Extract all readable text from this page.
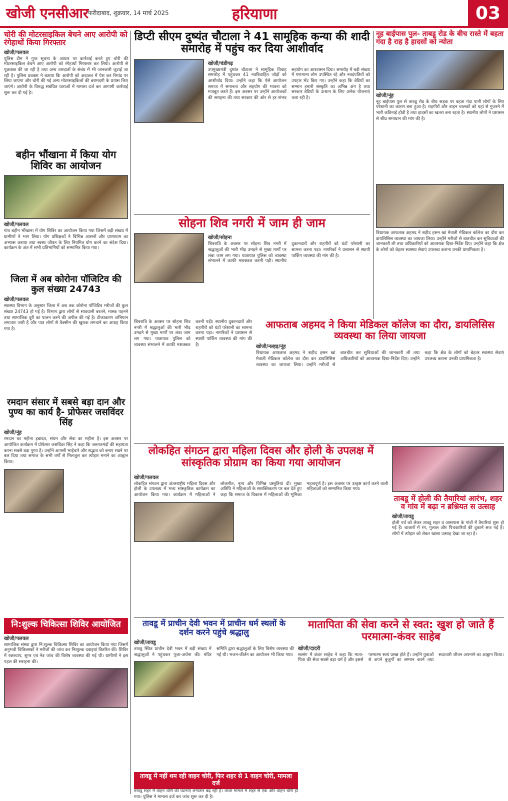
खोजी एनसीआर फरीदाबाद, शुक्रवार, 14 मार्च 2025	हरियाणा	03
चोरी की मोटरसाइकिल बेचने आए आरोपी को रंगेहाथों किया गिरफ्तार
खोजी/पलवल
पुलिस टीम ने गुप्त सूचना के आधार पर कार्रवाई करते हुए चोरी की मोटरसाइकिल बेचने आए आरोपी को रंगेहाथों गिरफ्तार कर लिया। आरोपी से पूछताछ की जा रही है तथा अन्य वारदातों के संबंध में भी जानकारी जुटाई जा रही है। पुलिस प्रवक्ता ने बताया कि आरोपी को अदालत में पेश कर रिमांड पर लिया जाएगा और चोरी की गई अन्य मोटरसाइकिलों की बरामदगी के प्रयास किए जाएंगे। आरोपी के विरुद्ध संबंधित धाराओं में मामला दर्ज कर आगामी कार्रवाई शुरू कर दी गई है।
बहीन भौंखाना में किया योग शिविर का आयोजन
खोजी/पलवल
गांव बहीन भौंखाना में योग शिविर का आयोजन किया गया जिसमें बड़ी संख्या में ग्रामीणों ने भाग लिया। योग प्रशिक्षकों ने विभिन्न आसनों और प्राणायाम का अभ्यास कराया तथा स्वस्थ जीवन के लिए नियमित योग करने का संदेश दिया। कार्यक्रम के अंत में सभी प्रतिभागियों को सम्मानित किया गया।
जिला में अब कोरोना पॉजिटिव की कुल संख्या 24743
खोजी/पलवल
स्वास्थ्य विभाग के अनुसार जिला में अब तक कोरोना पॉजिटिव मरीजों की कुल संख्या 24743 हो गई है। विभाग द्वारा लोगों से सावधानी बरतने, मास्क पहनने तथा सामाजिक दूरी का पालन करने की अपील की गई है। टीकाकरण अभियान लगातार जारी है और पात्र लोगों से वैक्सीन की खुराक लगवाने का आग्रह किया गया है।
रमदान संसार में सबसे बड़ा दान और पुण्य का कार्य है- प्रोफेसर जसविंदर सिंह
खोजी/नूंह
रमदान का महीना इबादत, संयम और सेवा का महीना है। इस अवसर पर आयोजित कार्यक्रम में प्रोफेसर जसविंदर सिंह ने कहा कि जरूरतमंदों की सहायता करना सबसे बड़ा पुण्य है। उन्होंने आपसी भाईचारे और सद्भाव को बनाए रखने पर बल दिया तथा समाज के सभी वर्गों से मिलजुल कर त्योहार मनाने का आह्वान किया।
नि:शुल्क चिकित्सा शिविर आयोजित
खोजी/पलवल
सामाजिक संस्था द्वारा नि:शुल्क चिकित्सा शिविर का आयोजन किया गया जिसमें अनुभवी चिकित्सकों ने मरीजों की जांच कर निःशुल्क दवाइयां वितरित कीं। शिविर में रक्तचाप, शुगर एवं नेत्र जांच की विशेष व्यवस्था की गई थी। ग्रामीणों ने इस पहल की सराहना की।
डिप्टी सीएम दुष्यंत चौटाला ने 41 सामूहिक कन्या की शादी समारोह में पहुंच कर दिया आशीर्वाद
खोजी/चंडीगढ़
उपमुख्यमंत्री दुष्यंत चौटाला ने सामूहिक विवाह समारोह में पहुंचकर 41 नवविवाहित जोड़ों को आशीर्वाद दिया। उन्होंने कहा कि ऐसे आयोजन समाज में समानता और सहयोग की भावना को मजबूत करते हैं। इस अवसर पर उन्होंने आयोजकों की सराहना की तथा सरकार की ओर से हर संभव सहयोग का आश्वासन दिया। समारोह में बड़ी संख्या में गणमान्य लोग उपस्थित रहे और नवदंपतियों को उपहार भेंट किए गए। उन्होंने कहा कि बेटियों का सम्मान हमारी संस्कृति का अभिन्न अंग है तथा सरकार बेटियों के उत्थान के लिए अनेक योजनाएं चला रही है।
सोहना शिव नगरी में जाम ही जाम
खोजी/सोहना
शिवरात्रि के अवसर पर सोहना शिव नगरी में श्रद्धालुओं की भारी भीड़ उमड़ने से मुख्य मार्गों पर लंबा जाम लग गया। यातायात पुलिस को व्यवस्था संभालने में काफी मशक्कत करनी पड़ी। स्थानीय दुकानदारों और राहगीरों को घंटों परेशानी का सामना करना पड़ा। नागरिकों ने प्रशासन से स्थायी पार्किंग व्यवस्था की मांग की है।
नूह बाईपास पुल- ताबडू रोड के बीच रास्ते में बहता गंदा है राह है हादसों को न्योता
खोजी/नूंह
नूह बाईपास पुल से तावडू रोड के बीच सड़क पर बहता गंदा पानी लोगों के लिए परेशानी का कारण बना हुआ है। राहगीरों और वाहन चालकों को यहां से गुजरने में भारी कठिनाई होती है तथा हादसों का खतरा बना रहता है। स्थानीय लोगों ने प्रशासन से शीघ्र समाधान की मांग की है।
विधायक आफताब अहमद ने शहीद हसन खां मेवाती मेडिकल कॉलेज का दौरा कर डायलिसिस व्यवस्था का जायजा लिया। उन्होंने मरीजों से बातचीत कर सुविधाओं की जानकारी ली तथा अधिकारियों को आवश्यक दिशा-निर्देश दिए। उन्होंने कहा कि क्षेत्र के लोगों को बेहतर स्वास्थ्य सेवाएं उपलब्ध कराना उनकी प्राथमिकता है।
आफताब अहमद ने किया मेडिकल कॉलेज का दौरा, डायलिसिस व्यवस्था का लिया जायजा
खोजी/नल्हड़/नूंह
विधायक आफताब अहमद ने शहीद हसन खां मेवाती मेडिकल कॉलेज का दौरा कर डायलिसिस व्यवस्था का जायजा लिया। उन्होंने मरीजों से बातचीत कर सुविधाओं की जानकारी ली तथा अधिकारियों को आवश्यक दिशा-निर्देश दिए। उन्होंने कहा कि क्षेत्र के लोगों को बेहतर स्वास्थ्य सेवाएं उपलब्ध कराना उनकी प्राथमिकता है।
शिवरात्रि के अवसर पर सोहना शिव नगरी में श्रद्धालुओं की भारी भीड़ उमड़ने से मुख्य मार्गों पर लंबा जाम लग गया। यातायात पुलिस को व्यवस्था संभालने में काफी मशक्कत करनी पड़ी। स्थानीय दुकानदारों और राहगीरों को घंटों परेशानी का सामना करना पड़ा। नागरिकों ने प्रशासन से स्थायी पार्किंग व्यवस्था की मांग की है।
ताबडू में होली की तैयारियां आरंभ, शहर व गांव में बढ़ा न ब्रश्नियत स उत्साह
खोजी/तावडू
होली पर्व को लेकर तावडू शहर व आसपास के गांवों में तैयारियां शुरू हो गई हैं। बाजारों में रंग, गुलाल और पिचकारियों की दुकानें सज गई हैं। लोगों में त्योहार को लेकर खासा उत्साह देखा जा रहा है।
लोकहित संगठन द्वारा महिला दिवस और होली के उपलक्ष में सांस्कृतिक प्रोग्राम का किया गया आयोजन
खोजी/पलवल
लोकहित संगठन द्वारा अंतरराष्ट्रीय महिला दिवस और होली के उपलक्ष्य में भव्य सांस्कृतिक कार्यक्रम का आयोजन किया गया। कार्यक्रम में महिलाओं ने लोकगीत, नृत्य और विभिन्न प्रस्तुतियां दीं। मुख्य अतिथि ने महिलाओं के सशक्तिकरण पर बल देते हुए कहा कि समाज के विकास में महिलाओं की भूमिका महत्वपूर्ण है। इस अवसर पर उत्कृष्ट कार्य करने वाली महिलाओं को सम्मानित किया गया।
तावडू में प्राचीन देवी भवन में प्राचीन धर्म स्थलों के दर्शन करने पहुंचे श्रद्धालु
खोजी/तावडू
तावडू स्थित प्राचीन देवी भवन में बड़ी संख्या में श्रद्धालुओं ने पहुंचकर पूजा-अर्चना की। मंदिर समिति द्वारा श्रद्धालुओं के लिए विशेष व्यवस्था की गई थी। भजन-कीर्तन का आयोजन भी किया गया।
मातापिता की सेवा करने से स्वत: खुश हो जाते हैं परमात्मा-कंवर साहेब
खोजी/दादरी
सत्संग में कंवर साहेब ने कहा कि माता-पिता की सेवा सबसे बड़ा धर्म है और इससे परमात्मा स्वयं प्रसन्न होते हैं। उन्होंने युवाओं से अपने बुजुर्गों का सम्मान करने तथा सदाचारी जीवन अपनाने का आह्वान किया।
तावडू में नहीं थम रही वाहन चोरी, फिर शहर से 1 वाहन चोरी, मामला दर्ज
तावडू शहर में वाहन चोरी की घटनाएं लगातार बढ़ रही हैं। ताजा मामले में शहर से एक और वाहन चोरी हो गया। पुलिस ने मामला दर्ज कर जांच शुरू कर दी है।
